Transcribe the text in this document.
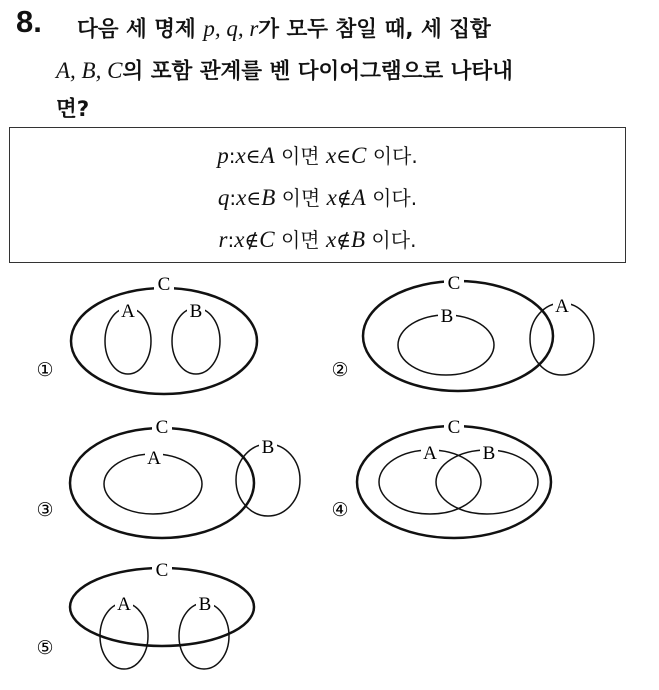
8. 다음 세 명제 p, q, r가 모두 참일 때, 세 집합
A, B, C의 포함 관계를 벤 다이어그램으로 나타내
면?
p:x∈A 이면 x∈C 이다.
q:x∈B 이면 x∉A 이다.
r:x∉C 이면 x∉B 이다.
C
A	B
①
C
B	A
②
C
A
B
③
C
A B
④
C
A	B
⑤
